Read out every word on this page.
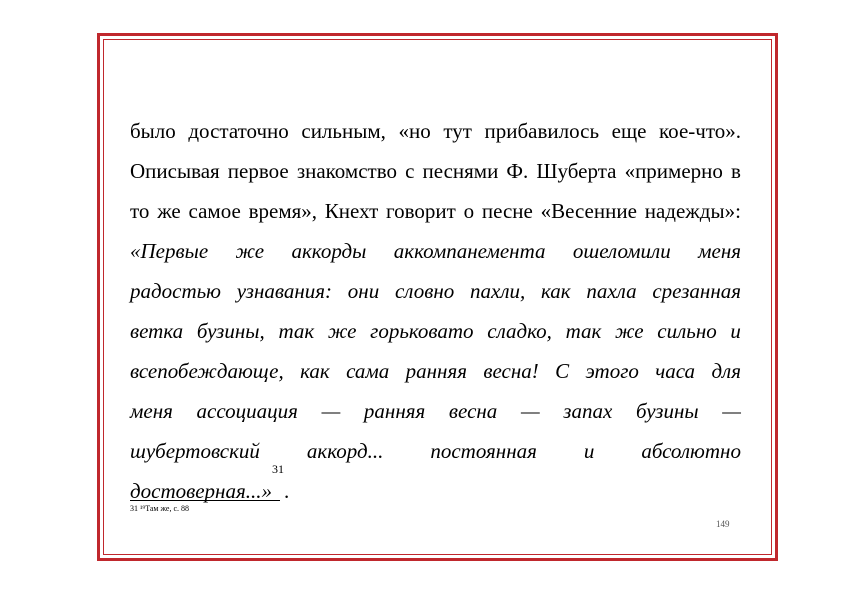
было достаточно сильным, «но тут прибавилось еще кое-что».
Описывая первое знакомство с песнями Ф. Шуберта «примерно в
то же самое время», Кнехт говорит о песне «Весенние надежды»:
«Первые же аккорды аккомпанемента ошеломили меня
радостью узнавания: они словно пахли, как пахла срезанная
ветка бузины, так же горьковато сладко, так же сильно и
всепобеждающе, как сама ранняя весна! С этого часа для
меня ассоциация — ранняя весна — запах бузины —
шубертовский аккорд... постоянная и абсолютно
достоверная...»
$^{31}$
.
31 ¹⁹Там же, с. 88
149
